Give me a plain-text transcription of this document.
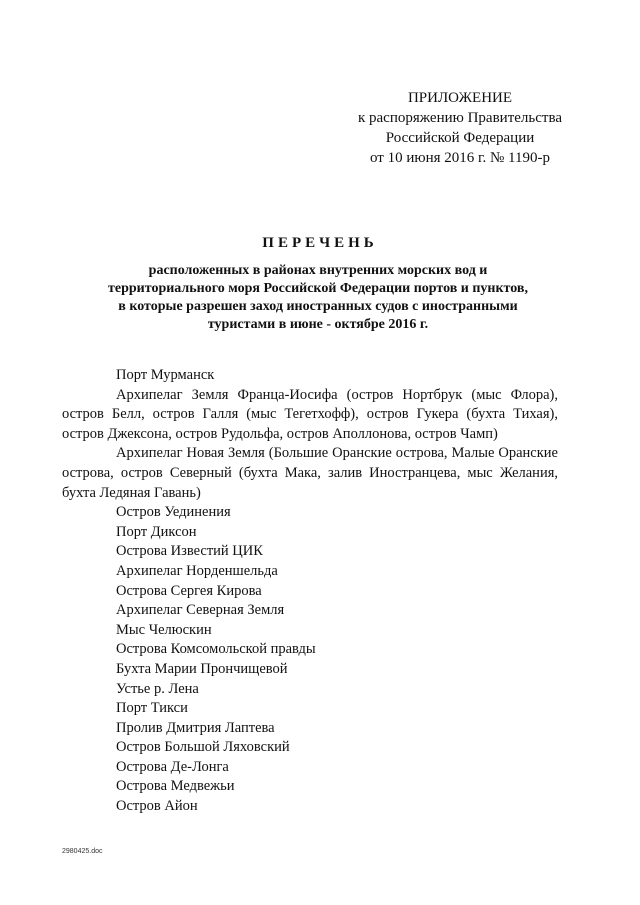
ПРИЛОЖЕНИЕ
к распоряжению Правительства
Российской Федерации
от 10 июня 2016 г. № 1190-р
ПЕРЕЧЕНЬ
расположенных в районах внутренних морских вод и
территориального моря Российской Федерации портов и пунктов,
в которые разрешен заход иностранных судов с иностранными
туристами в июне - октябре 2016 г.

Порт Мурманск

Архипелаг Земля Франца-Иосифа (остров Нортбрук (мыс Флора), остров Белл, остров Галля (мыс Тегетхофф), остров Гукера (бухта Тихая), остров Джексона, остров Рудольфа, остров Аполлонова, остров Чамп)

Архипелаг Новая Земля (Большие Оранские острова, Малые Оранские острова, остров Северный (бухта Мака, залив Иностранцева, мыс Желания, бухта Ледяная Гавань)

Остров Уединения

Порт Диксон

Острова Известий ЦИК

Архипелаг Норденшельда

Острова Сергея Кирова

Архипелаг Северная Земля

Мыс Челюскин

Острова Комсомольской правды

Бухта Марии Прончищевой

Устье р. Лена

Порт Тикси

Пролив Дмитрия Лаптева

Остров Большой Ляховский

Острова Де-Лонга

Острова Медвежьи

Остров Айон

2980425.doc
